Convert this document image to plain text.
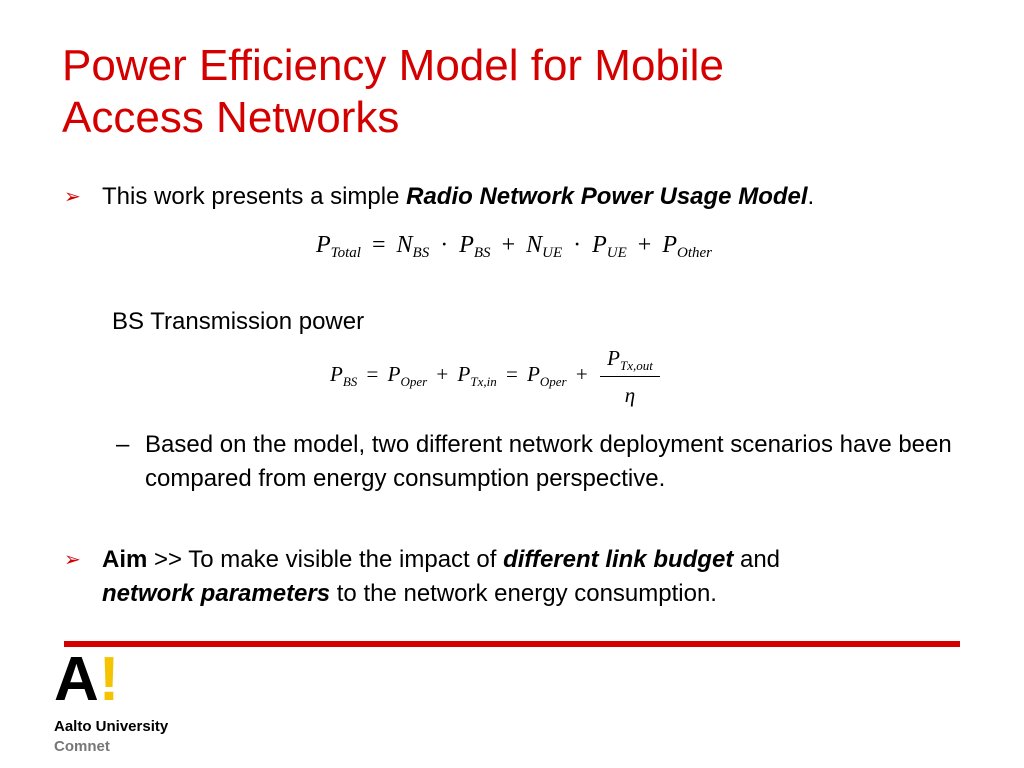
Power Efficiency Model for Mobile
Access Networks
➢ This work presents a simple Radio Network Power Usage Model.
$P_{Total} = N_{BS} \cdot P_{BS} + N_{UE} \cdot P_{UE} + P_{Other}$
BS Transmission power
$P_{BS} = P_{Oper} + P_{Tx,in} = P_{Oper}$ +
$P_{Tx,out}$
η
– Based on the model, two different network deployment scenarios have been compared from energy consumption perspective.
➢ Aim >> To make visible the impact of different link budget and
network parameters to the network energy consumption.
A!
Aalto University
Comnet
